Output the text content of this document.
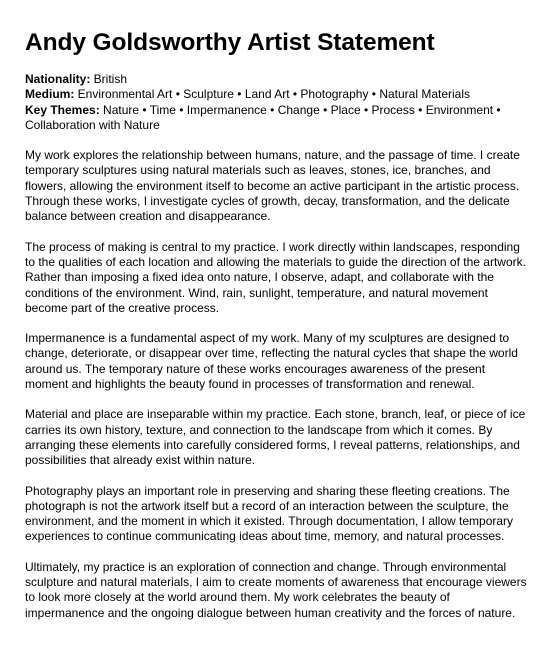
Andy Goldsworthy Artist Statement
Nationality: British
Medium: Environmental Art • Sculpture • Land Art • Photography • Natural Materials
Key Themes: Nature • Time • Impermanence • Change • Place • Process • Environment • Collaboration with Nature

My work explores the relationship between humans, nature, and the passage of time. I create temporary sculptures using natural materials such as leaves, stones, ice, branches, and flowers, allowing the environment itself to become an active participant in the artistic process. Through these works, I investigate cycles of growth, decay, transformation, and the delicate balance between creation and disappearance.

The process of making is central to my practice. I work directly within landscapes, responding to the qualities of each location and allowing the materials to guide the direction of the artwork. Rather than imposing a fixed idea onto nature, I observe, adapt, and collaborate with the conditions of the environment. Wind, rain, sunlight, temperature, and natural movement become part of the creative process.

Impermanence is a fundamental aspect of my work. Many of my sculptures are designed to change, deteriorate, or disappear over time, reflecting the natural cycles that shape the world around us. The temporary nature of these works encourages awareness of the present moment and highlights the beauty found in processes of transformation and renewal.

Material and place are inseparable within my practice. Each stone, branch, leaf, or piece of ice carries its own history, texture, and connection to the landscape from which it comes. By arranging these elements into carefully considered forms, I reveal patterns, relationships, and possibilities that already exist within nature.

Photography plays an important role in preserving and sharing these fleeting creations. The photograph is not the artwork itself but a record of an interaction between the sculpture, the environment, and the moment in which it existed. Through documentation, I allow temporary experiences to continue communicating ideas about time, memory, and natural processes.

Ultimately, my practice is an exploration of connection and change. Through environmental sculpture and natural materials, I aim to create moments of awareness that encourage viewers to look more closely at the world around them. My work celebrates the beauty of impermanence and the ongoing dialogue between human creativity and the forces of nature.
